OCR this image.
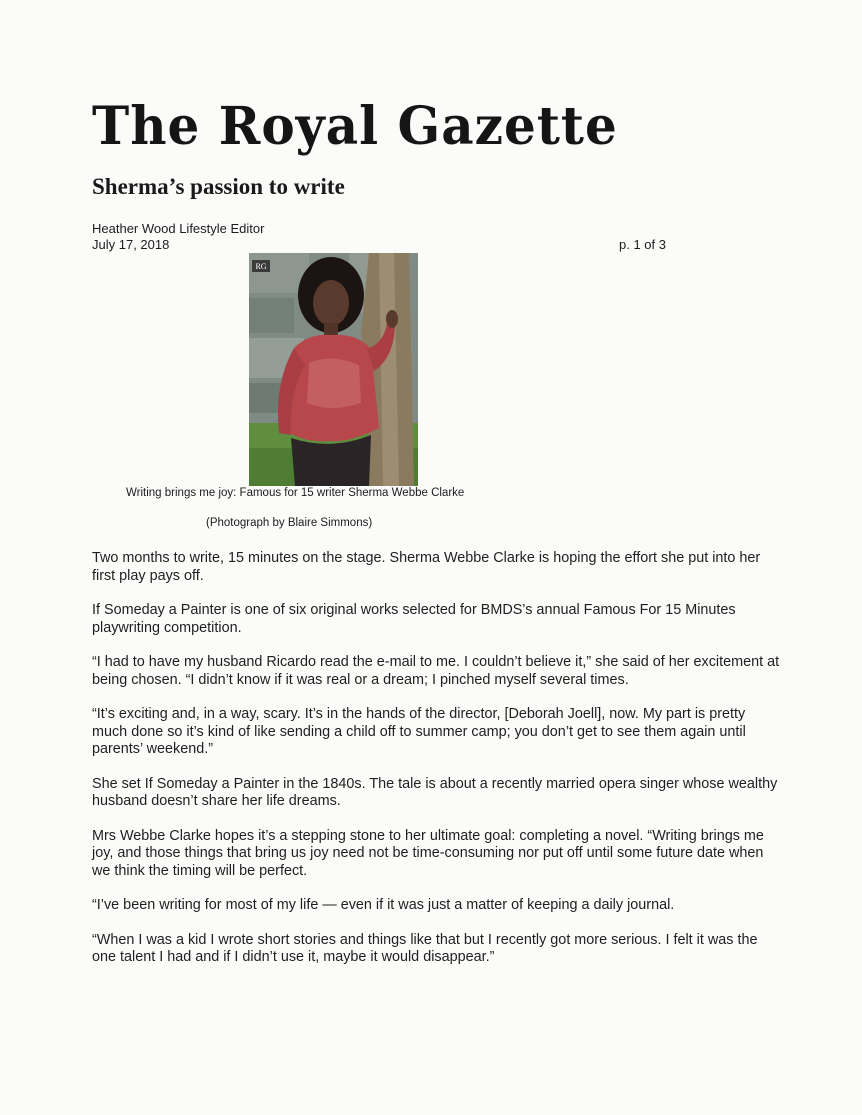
The Royal Gazette
Sherma’s passion to write
Heather Wood Lifestyle Editor
July 17, 2018	p. 1 of 3
RG
Writing brings me joy: Famous for 15 writer Sherma Webbe Clarke
(Photograph by Blaire Simmons)

Two months to write, 15 minutes on the stage. Sherma Webbe Clarke is hoping the effort she put into her first play pays off.

If Someday a Painter is one of six original works selected for BMDS’s annual Famous For 15 Minutes playwriting competition.

“I had to have my husband Ricardo read the e-mail to me. I couldn’t believe it,” she said of her excitement at being chosen. “I didn’t know if it was real or a dream; I pinched myself several times.

“It’s exciting and, in a way, scary. It’s in the hands of the director, [Deborah Joell], now. My part is pretty much done so it’s kind of like sending a child off to summer camp; you don’t get to see them again until parents’ weekend.”

She set If Someday a Painter in the 1840s. The tale is about a recently married opera singer whose wealthy husband doesn’t share her life dreams.

Mrs Webbe Clarke hopes it’s a stepping stone to her ultimate goal: completing a novel. “Writing brings me joy, and those things that bring us joy need not be time-consuming nor put off until some future date when we think the timing will be perfect.

“I’ve been writing for most of my life — even if it was just a matter of keeping a daily journal.

“When I was a kid I wrote short stories and things like that but I recently got more serious. I felt it was the one talent I had and if I didn’t use it, maybe it would disappear.”
